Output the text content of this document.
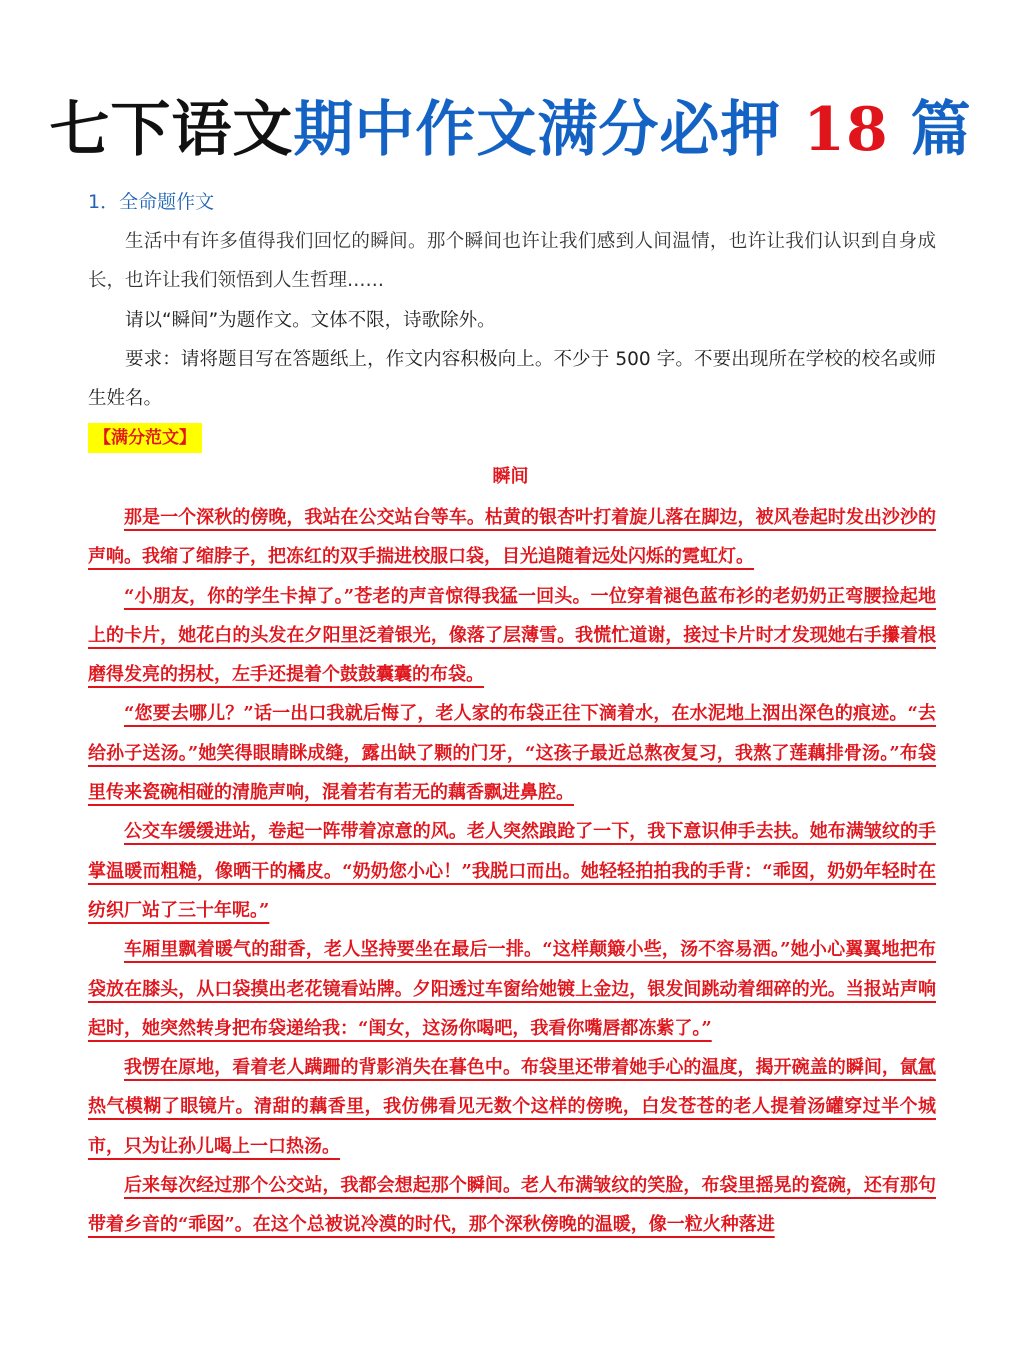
七下语文期中作文满分必押 18 篇
1．全命题作文
生活中有许多值得我们回忆的瞬间。那个瞬间也许让我们感到人间温情，也许让我们认识到自身成长，也许让我们领悟到人生哲理……
请以“瞬间”为题作文。文体不限，诗歌除外。
要求：请将题目写在答题纸上，作文内容积极向上。不少于 500 字。不要出现所在学校的校名或师生姓名。
【满分范文】
瞬间

那是一个深秋的傍晚，我站在公交站台等车。枯黄的银杏叶打着旋儿落在脚边，被风卷起时发出沙沙的声响。我缩了缩脖子，把冻红的双手揣进校服口袋，目光追随着远处闪烁的霓虹灯。

“小朋友，你的学生卡掉了。”苍老的声音惊得我猛一回头。一位穿着褪色蓝布衫的老奶奶正弯腰捡起地上的卡片，她花白的头发在夕阳里泛着银光，像落了层薄雪。我慌忙道谢，接过卡片时才发现她右手攥着根磨得发亮的拐杖，左手还提着个鼓鼓囊囊的布袋。

“您要去哪儿？”话一出口我就后悔了，老人家的布袋正往下滴着水，在水泥地上洇出深色的痕迹。“去给孙子送汤。”她笑得眼睛眯成缝，露出缺了颗的门牙，“这孩子最近总熬夜复习，我熬了莲藕排骨汤。”布袋里传来瓷碗相碰的清脆声响，混着若有若无的藕香飘进鼻腔。

公交车缓缓进站，卷起一阵带着凉意的风。老人突然踉跄了一下，我下意识伸手去扶。她布满皱纹的手掌温暖而粗糙，像晒干的橘皮。“奶奶您小心！”我脱口而出。她轻轻拍拍我的手背：“乖囡，奶奶年轻时在纺织厂站了三十年呢。”

车厢里飘着暖气的甜香，老人坚持要坐在最后一排。“这样颠簸小些，汤不容易洒。”她小心翼翼地把布袋放在膝头，从口袋摸出老花镜看站牌。夕阳透过车窗给她镀上金边，银发间跳动着细碎的光。当报站声响起时，她突然转身把布袋递给我：“闺女，这汤你喝吧，我看你嘴唇都冻紫了。”

我愣在原地，看着老人蹒跚的背影消失在暮色中。布袋里还带着她手心的温度，揭开碗盖的瞬间，氤氲热气模糊了眼镜片。清甜的藕香里，我仿佛看见无数个这样的傍晚，白发苍苍的老人提着汤罐穿过半个城市，只为让孙儿喝上一口热汤。

后来每次经过那个公交站，我都会想起那个瞬间。老人布满皱纹的笑脸，布袋里摇晃的瓷碗，还有那句带着乡音的“乖囡”。在这个总被说冷漠的时代，那个深秋傍晚的温暖，像一粒火种落进
